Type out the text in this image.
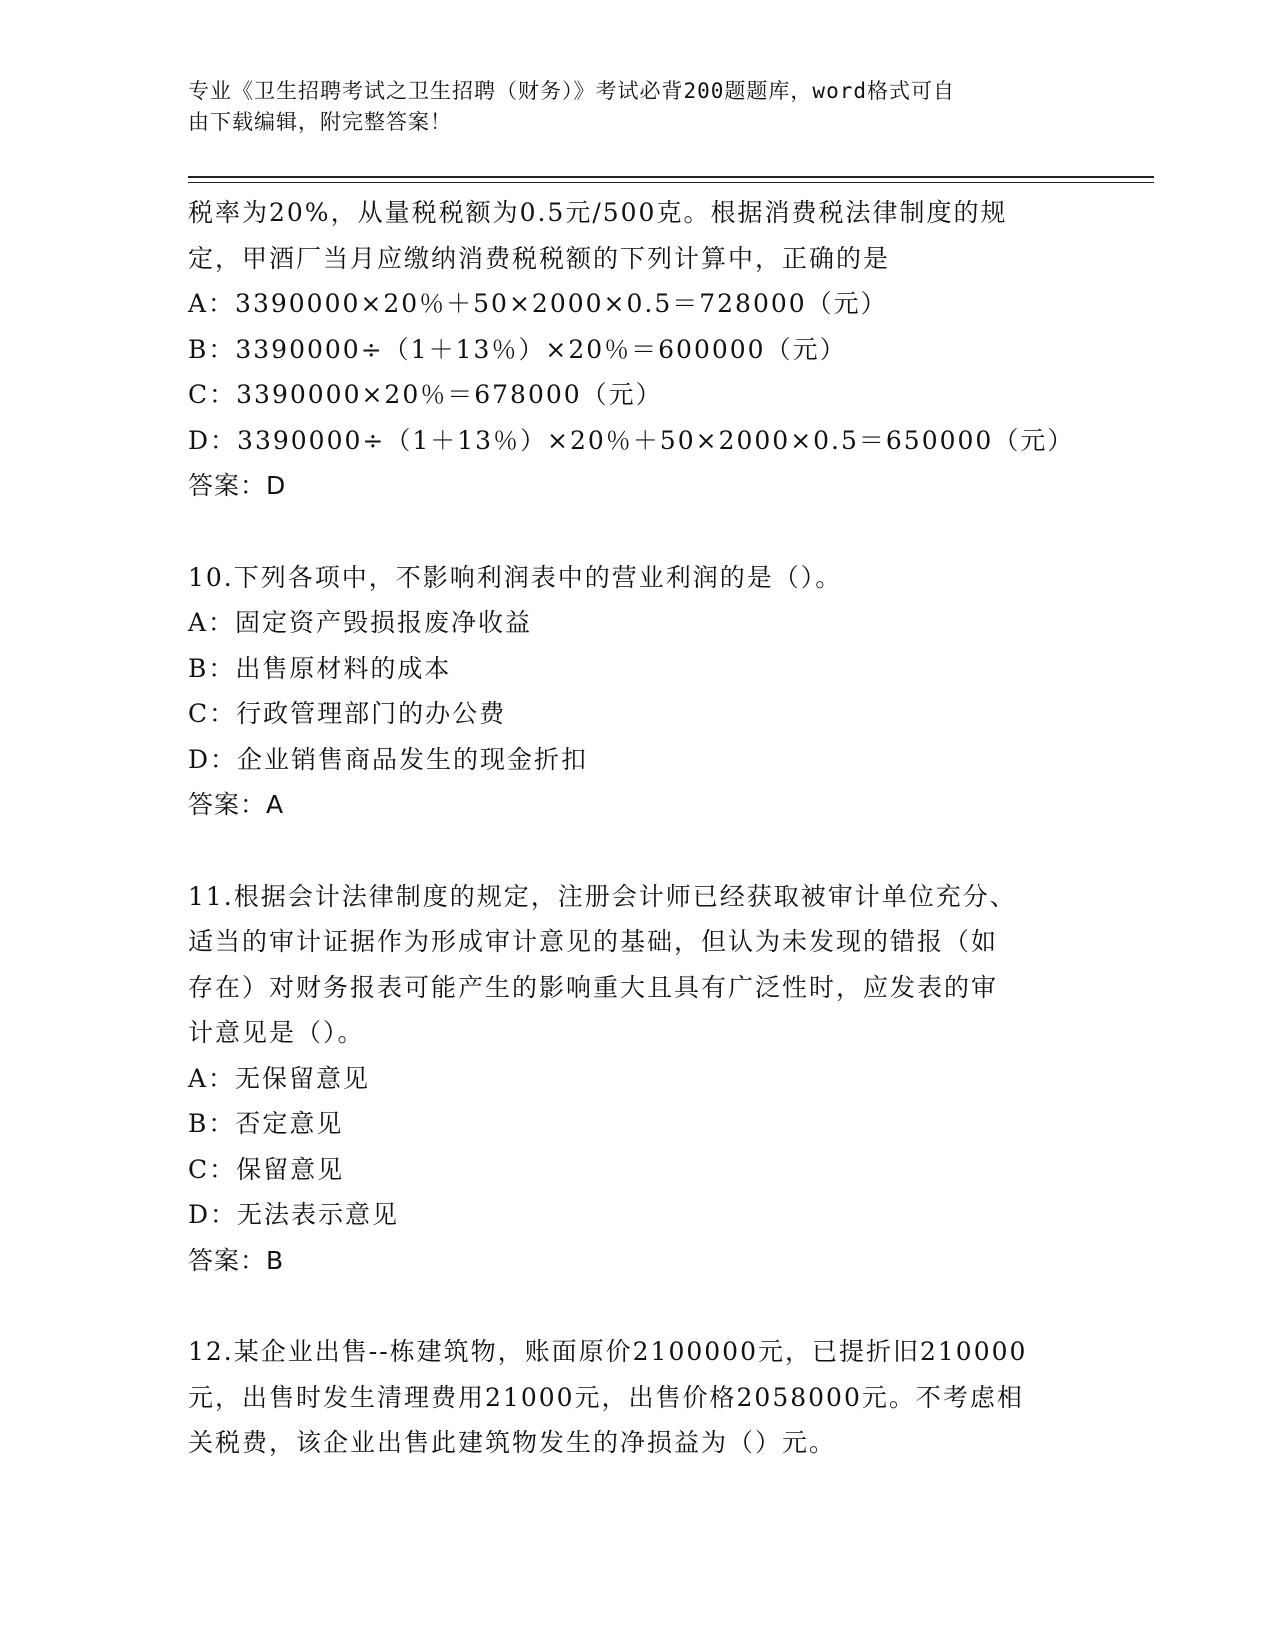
专业《卫生招聘考试之卫生招聘（财务）》考试必背200题题库，word格式可自
由下载编辑，附完整答案！
税率为20%，从量税税额为0.5元/500克。根据消费税法律制度的规
定，甲酒厂当月应缴纳消费税税额的下列计算中，正确的是
A：3390000×20％＋50×2000×0.5＝728000（元）
B：3390000÷（1＋13％）×20％＝600000（元）
C：3390000×20％＝678000（元）
D：3390000÷（1＋13％）×20％＋50×2000×0.5＝650000（元）
答案：D
10.下列各项中，不影响利润表中的营业利润的是（）。
A：固定资产毁损报废净收益
B：出售原材料的成本
C：行政管理部门的办公费
D：企业销售商品发生的现金折扣
答案：A
11.根据会计法律制度的规定，注册会计师已经获取被审计单位充分、
适当的审计证据作为形成审计意见的基础，但认为未发现的错报（如
存在）对财务报表可能产生的影响重大且具有广泛性时，应发表的审
计意见是（）。
A：无保留意见
B：否定意见
C：保留意见
D：无法表示意见
答案：B
12.某企业出售--栋建筑物，账面原价2100000元，已提折旧210000
元，出售时发生清理费用21000元，出售价格2058000元。不考虑相
关税费，该企业出售此建筑物发生的净损益为（）元。
